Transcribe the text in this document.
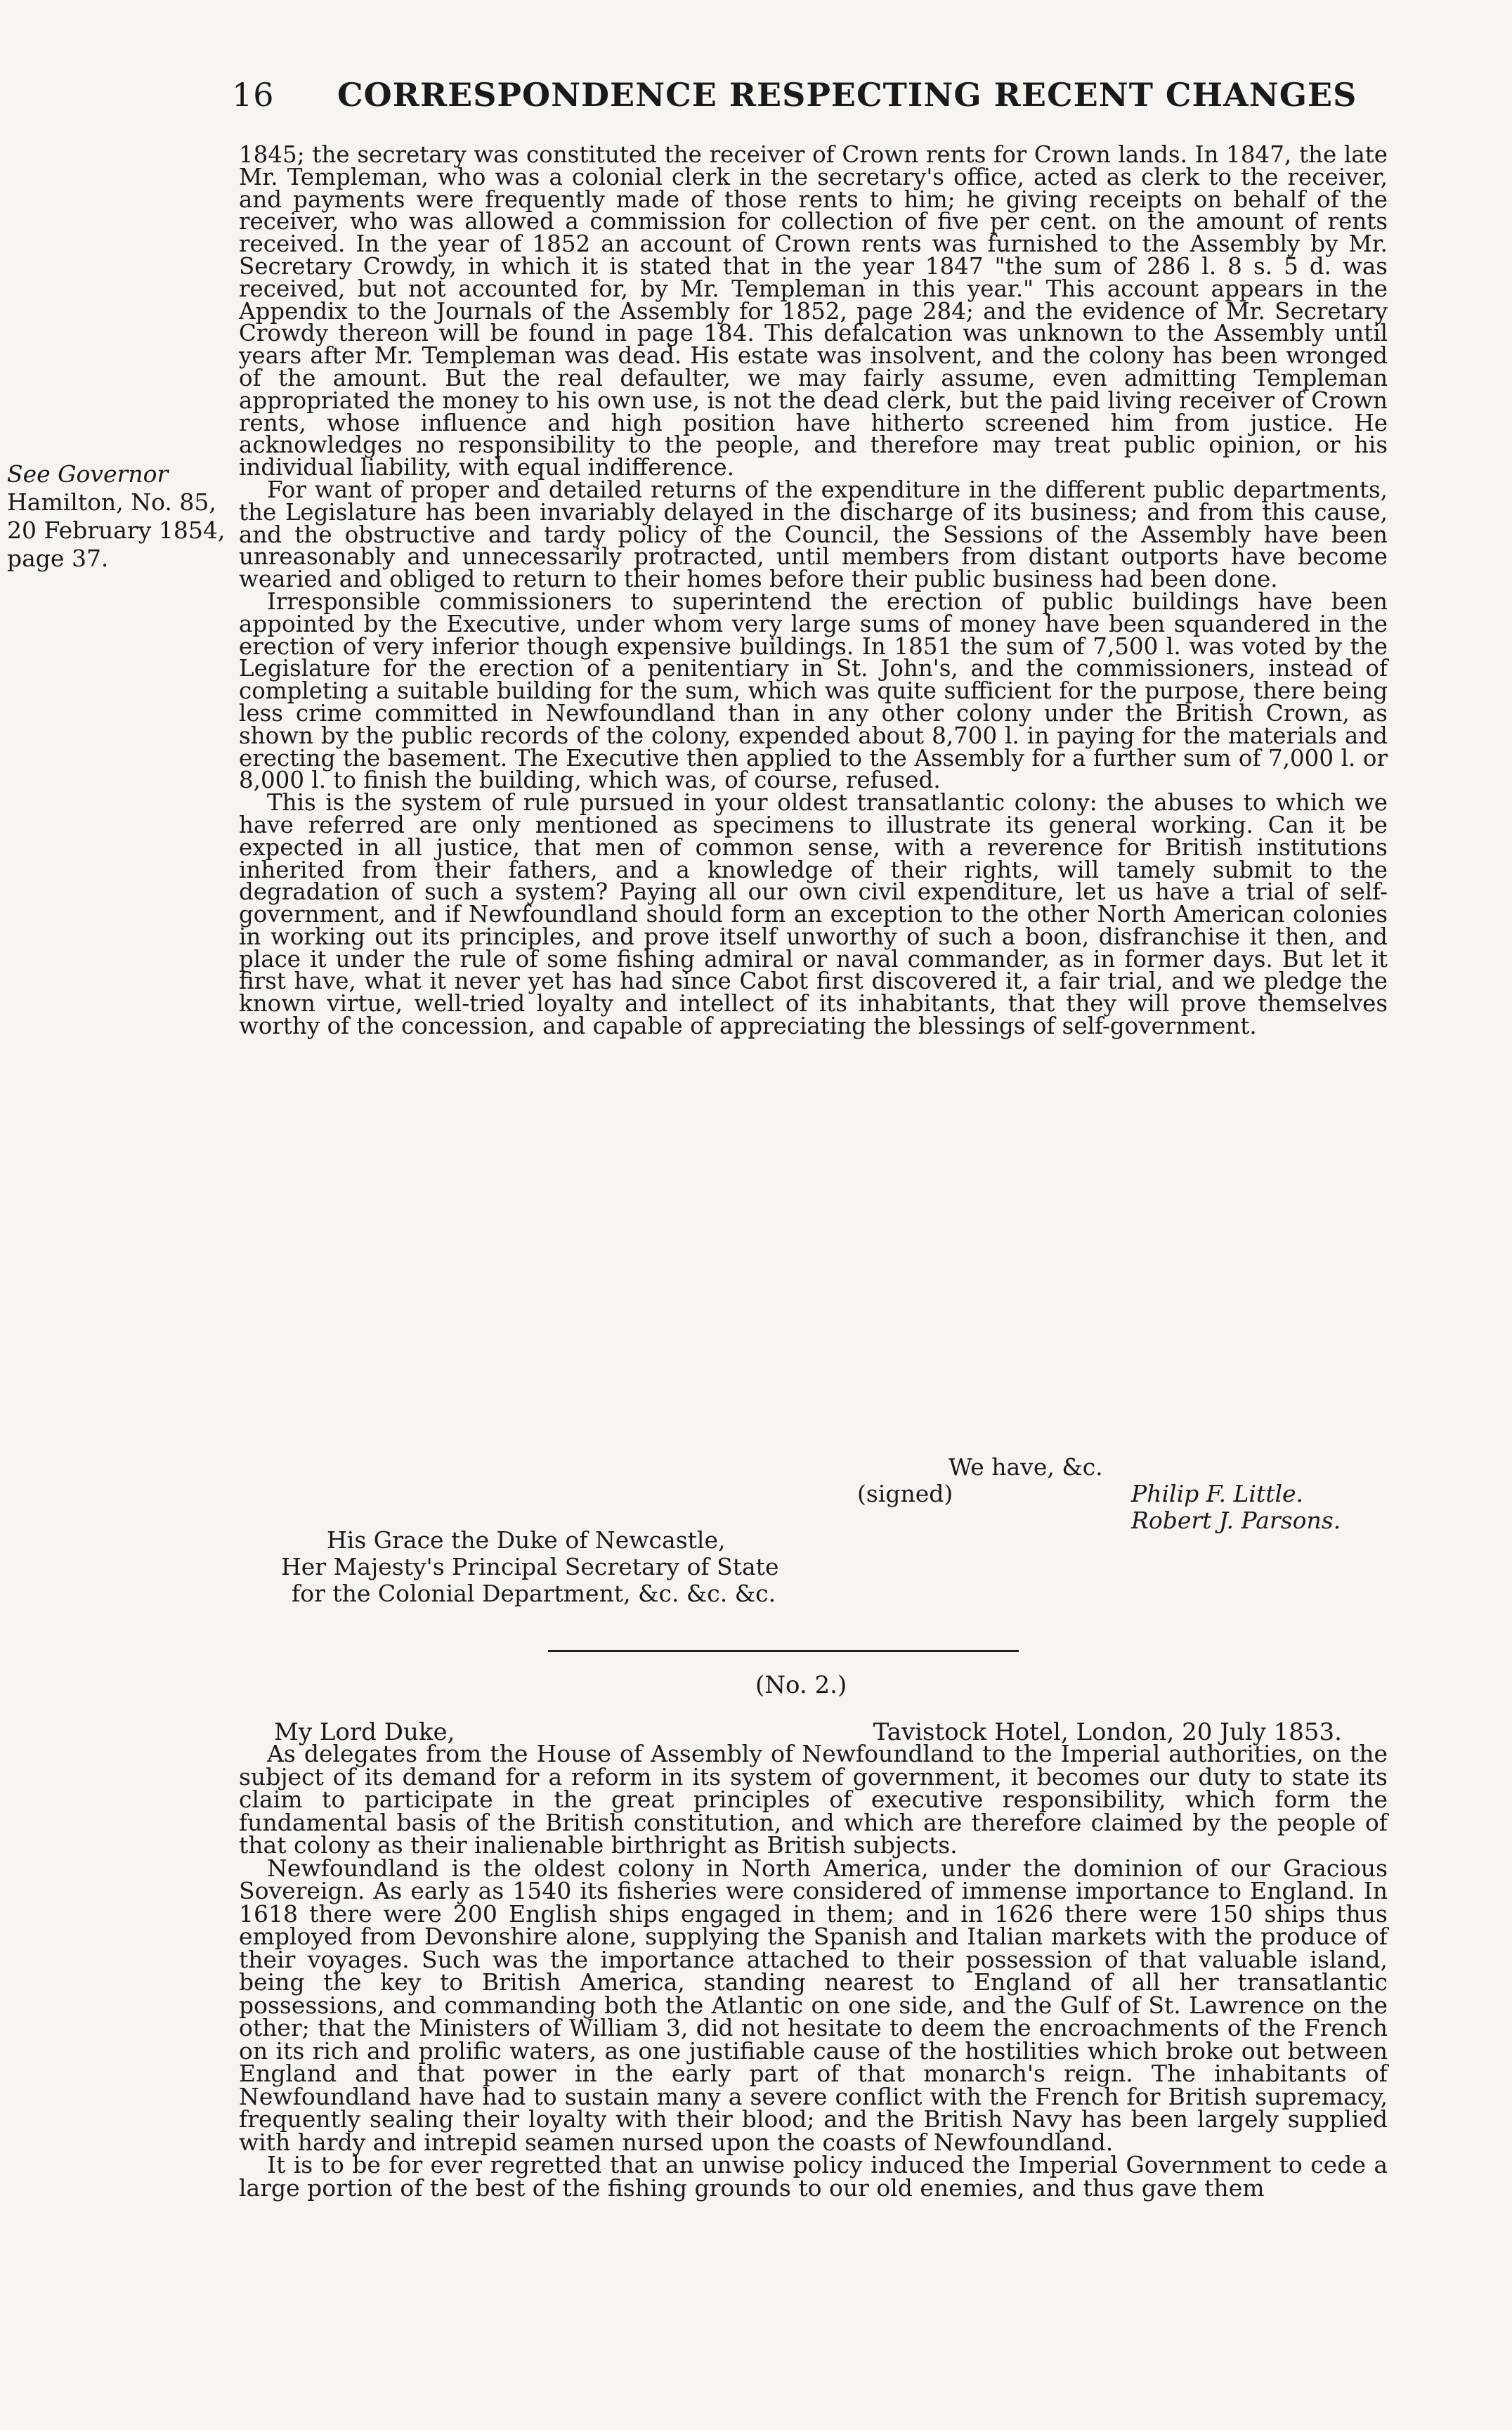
16 CORRESPONDENCE RESPECTING RECENT CHANGES
See Governor
Hamilton, No. 85,
20 February 1854,
page 37.

1845; the secretary was constituted the receiver of Crown rents for Crown lands. In 1847, the late Mr. Templeman, who was a colonial clerk in the secretary's office, acted as clerk to the receiver, and payments were frequently made of those rents to him; he giving receipts on behalf of the receiver, who was allowed a commission for collection of five per cent. on the amount of rents received. In the year of 1852 an account of Crown rents was furnished to the Assembly by Mr. Secretary Crowdy, in which it is stated that in the year 1847 "the sum of 286 l. 8 s. 5 d. was received, but not accounted for, by Mr. Templeman in this year." This account appears in the Appendix to the Journals of the Assembly for 1852, page 284; and the evidence of Mr. Secretary Crowdy thereon will be found in page 184. This defalcation was unknown to the Assembly until years after Mr. Templeman was dead. His estate was insolvent, and the colony has been wronged of the amount. But the real defaulter, we may fairly assume, even admitting Templeman appropriated the money to his own use, is not the dead clerk, but the paid living receiver of Crown rents, whose influence and high position have hitherto screened him from justice. He acknowledges no responsibility to the people, and therefore may treat public opinion, or his individual liability, with equal indifference.

For want of proper and detailed returns of the expenditure in the different public departments, the Legislature has been invariably delayed in the discharge of its business; and from this cause, and the obstructive and tardy policy of the Council, the Sessions of the Assembly have been unreasonably and unnecessarily protracted, until members from distant outports have become wearied and obliged to return to their homes before their public business had been done.

Irresponsible commissioners to superintend the erection of public buildings have been appointed by the Executive, under whom very large sums of money have been squandered in the erection of very inferior though expensive buildings. In 1851 the sum of 7,500 l. was voted by the Legislature for the erection of a penitentiary in St. John's, and the commissioners, instead of completing a suitable building for the sum, which was quite sufficient for the purpose, there being less crime committed in Newfoundland than in any other colony under the British Crown, as shown by the public records of the colony, expended about 8,700 l. in paying for the materials and erecting the basement. The Executive then applied to the Assembly for a further sum of 7,000 l. or 8,000 l. to finish the building, which was, of course, refused.

This is the system of rule pursued in your oldest transatlantic colony: the abuses to which we have referred are only mentioned as specimens to illustrate its general working. Can it be expected in all justice, that men of common sense, with a reverence for British institutions inherited from their fathers, and a knowledge of their rights, will tamely submit to the degradation of such a system? Paying all our own civil expenditure, let us have a trial of self-government, and if Newfoundland should form an exception to the other North American colonies in working out its principles, and prove itself unworthy of such a boon, disfranchise it then, and place it under the rule of some fishing admiral or naval commander, as in former days. But let it first have, what it never yet has had since Cabot first discovered it, a fair trial, and we pledge the known virtue, well-tried loyalty and intellect of its inhabitants, that they will prove themselves worthy of the concession, and capable of appreciating the blessings of self-government.

We have, &c.
(signed)	Philip F. Little.
Robert J. Parsons.
His Grace the Duke of Newcastle,
Her Majesty's Principal Secretary of State
for the Colonial Department, &c. &c. &c.
(No. 2.)
My Lord Duke,	Tavistock Hotel, London, 20 July 1853.

As delegates from the House of Assembly of Newfoundland to the Imperial authorities, on the subject of its demand for a reform in its system of government, it becomes our duty to state its claim to participate in the great principles of executive responsibility, which form the fundamental basis of the British constitution, and which are therefore claimed by the people of that colony as their inalienable birthright as British subjects.

Newfoundland is the oldest colony in North America, under the dominion of our Gracious Sovereign. As early as 1540 its fisheries were considered of immense importance to England. In 1618 there were 200 English ships engaged in them; and in 1626 there were 150 ships thus employed from Devonshire alone, supplying the Spanish and Italian markets with the produce of their voyages. Such was the importance attached to their possession of that valuable island, being the key to British America, standing nearest to England of all her transatlantic possessions, and commanding both the Atlantic on one side, and the Gulf of St. Lawrence on the other; that the Ministers of William 3, did not hesitate to deem the encroachments of the French on its rich and prolific waters, as one justifiable cause of the hostilities which broke out between England and that power in the early part of that monarch's reign. The inhabitants of Newfoundland have had to sustain many a severe conflict with the French for British supremacy, frequently sealing their loyalty with their blood; and the British Navy has been largely supplied with hardy and intrepid seamen nursed upon the coasts of Newfoundland.

It is to be for ever regretted that an unwise policy induced the Imperial Government to cede a large portion of the best of the fishing grounds to our old enemies, and thus gave them
